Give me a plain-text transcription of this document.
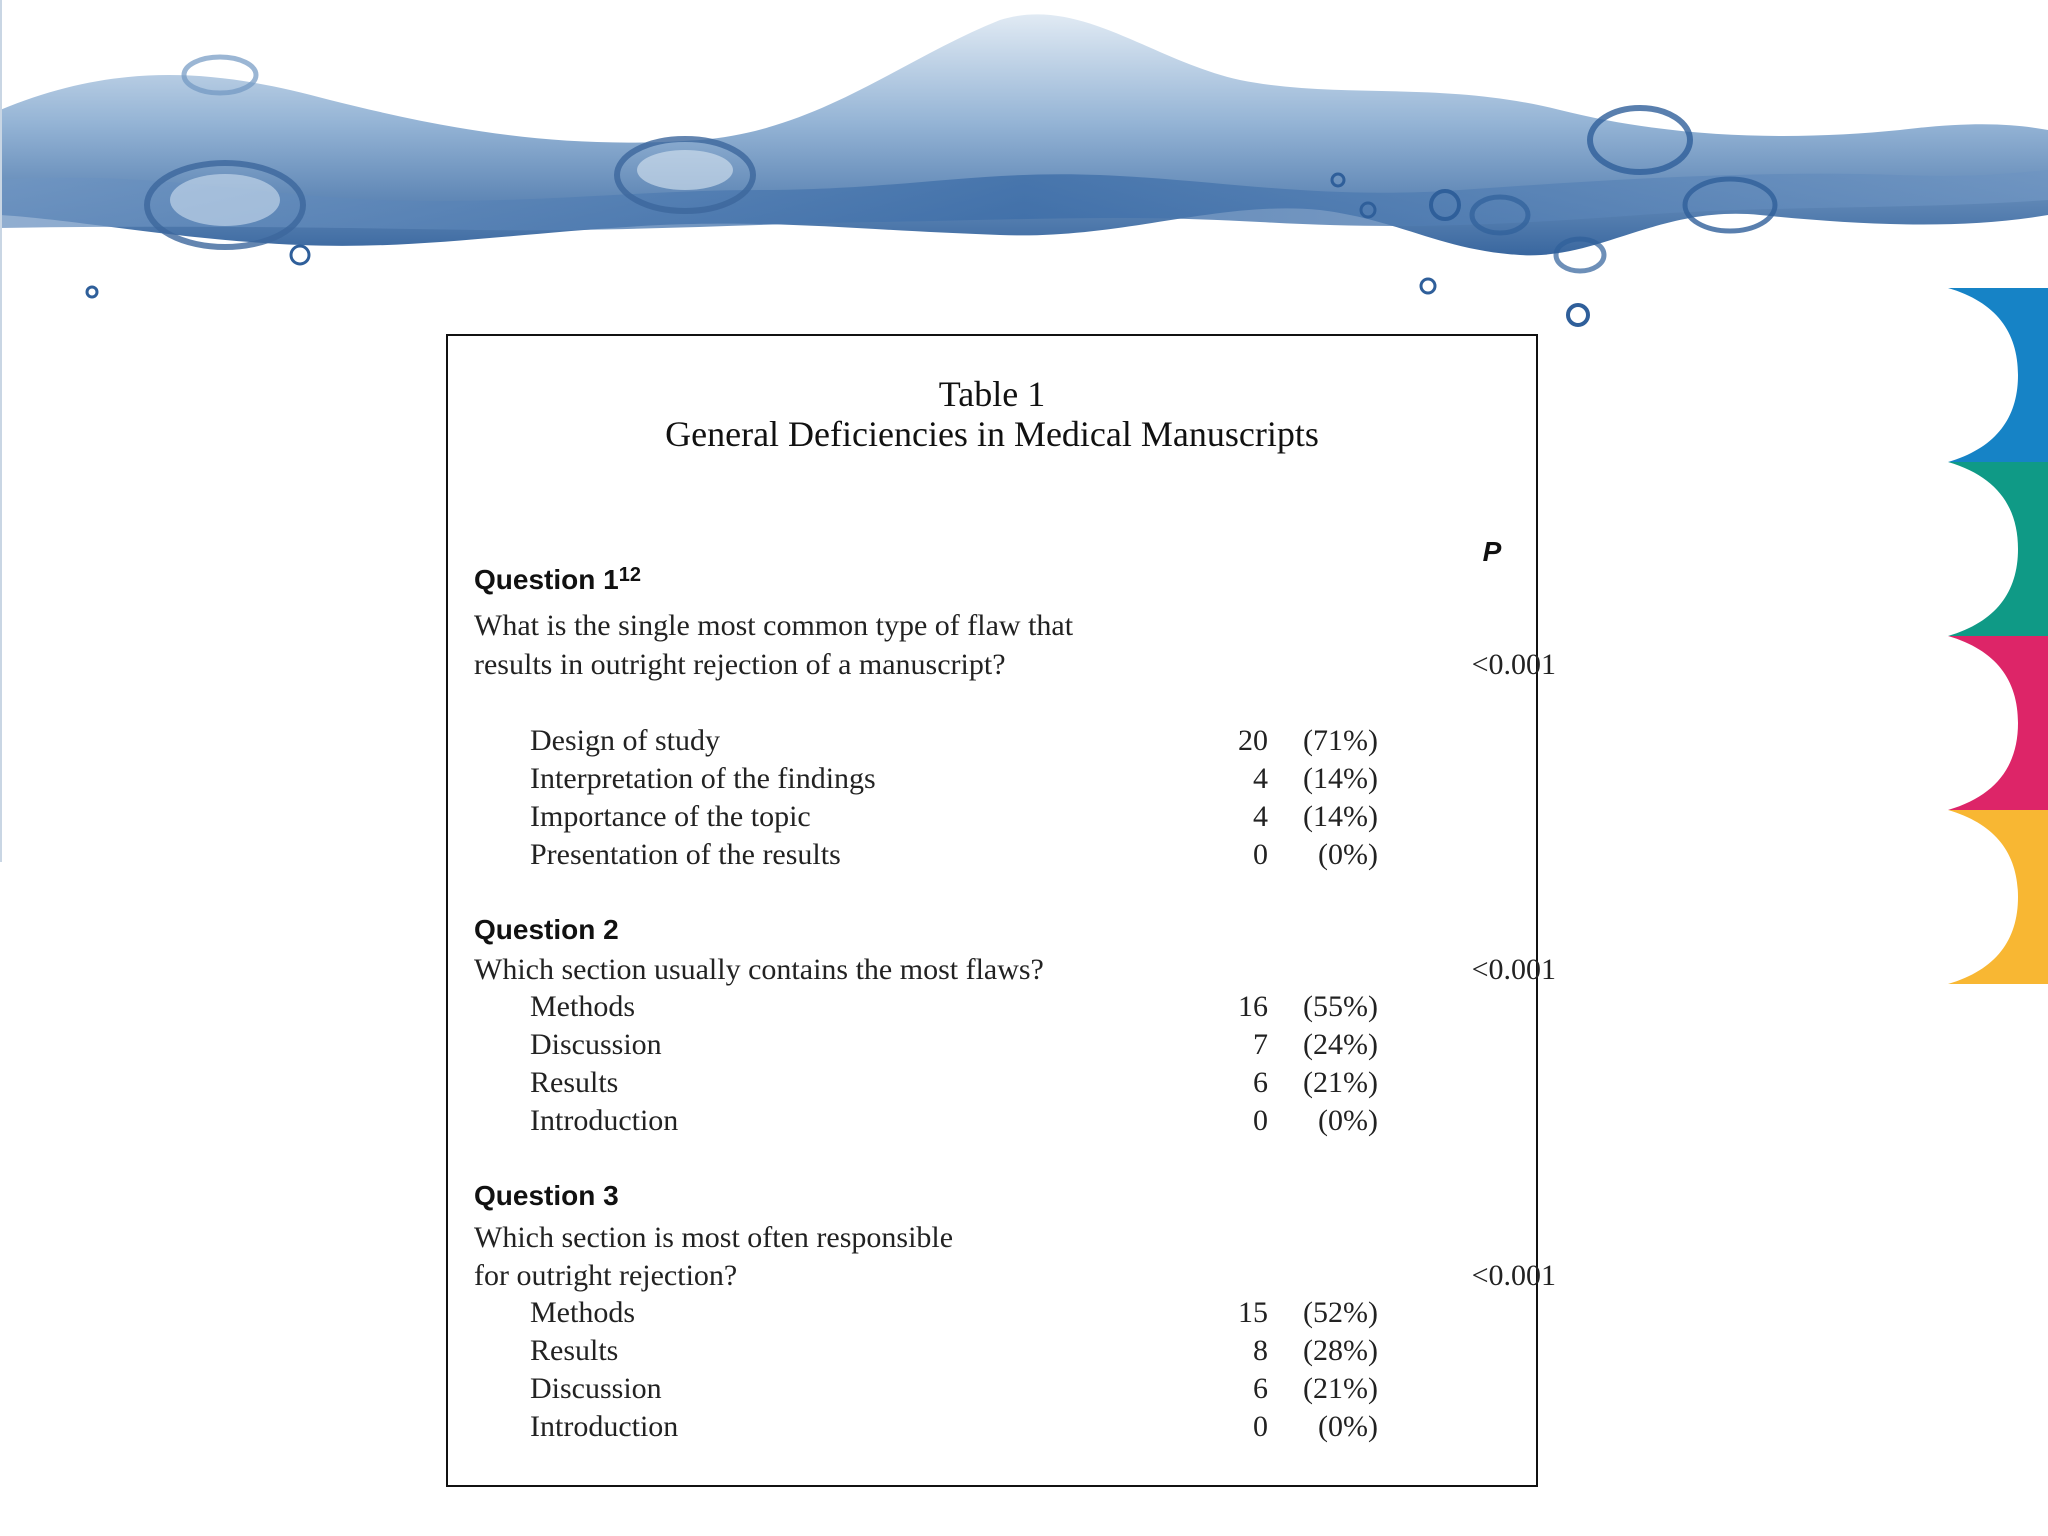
Table 1
General Deficiencies in Medical Manuscripts
P
Question $1^{12}$
What is the single most common type of flaw that
results in outright rejection of a manuscript?	<0.001
Design of study	20	(71%)
Interpretation of the findings	4	(14%)
Importance of the topic	4	(14%)
Presentation of the results	0	(0%)
Question 2
Which section usually contains the most flaws?	<0.001
Methods	16	(55%)
Discussion	7	(24%)
Results	6	(21%)
Introduction	0	(0%)
Question 3
Which section is most often responsible
for outright rejection?	<0.001
Methods	15	(52%)
Results	8	(28%)
Discussion	6	(21%)
Introduction	0	(0%)
